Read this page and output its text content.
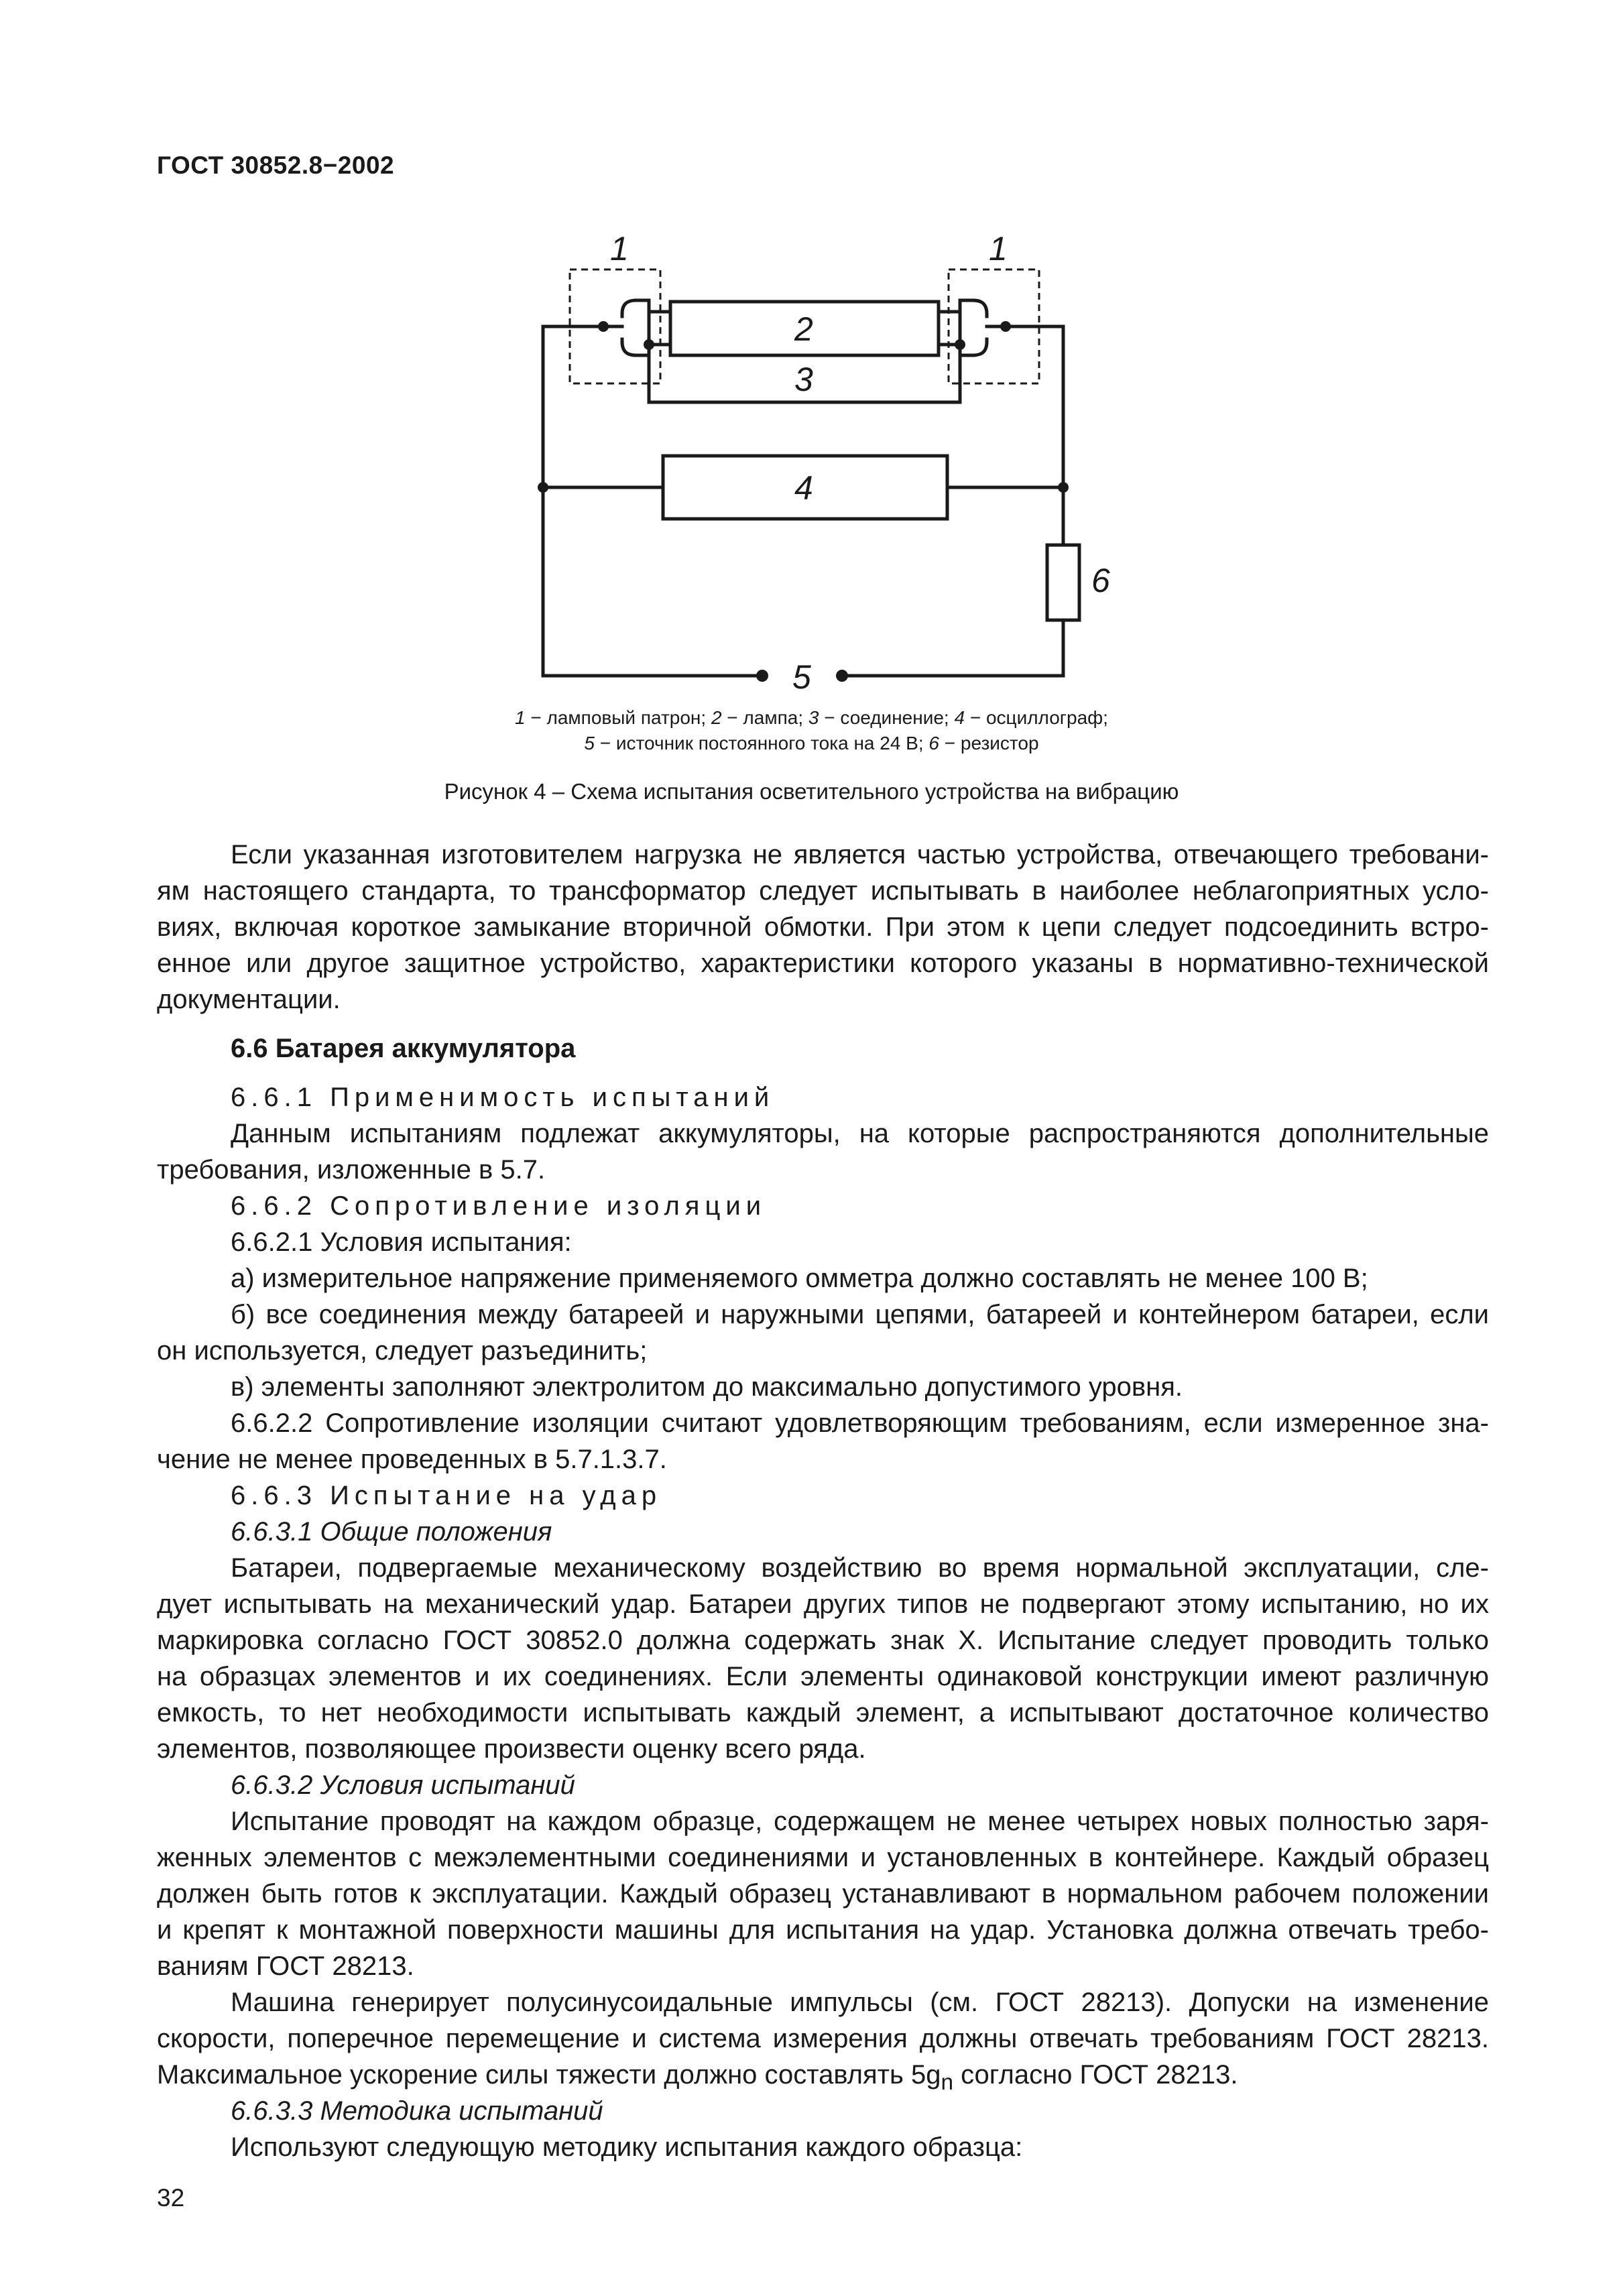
ГОСТ 30852.8−2002
1	1
2
3
4
5
6
1 − ламповый патрон; 2 − лампа; 3 − соединение; 4 − осциллограф;
5 − источник постоянного тока на 24 В; 6 − резистор
Рисунок 4 – Схема испытания осветительного устройства на вибрацию
Если указанная изготовителем нагрузка не является частью устройства, отвечающего требовани-
ям настоящего стандарта, то трансформатор следует испытывать в наиболее неблагоприятных усло-
виях, включая короткое замыкание вторичной обмотки. При этом к цепи следует подсоединить встро-
енное или другое защитное устройство, характеристики которого указаны в нормативно-технической
документации.
6.6 Батарея аккумулятора
6.6.1 Применимость испытаний
Данным испытаниям подлежат аккумуляторы, на которые распространяются дополнительные
требования, изложенные в 5.7.
6.6.2 Сопротивление изоляции
6.6.2.1 Условия испытания:
а) измерительное напряжение применяемого омметра должно составлять не менее 100 В;
б) все соединения между батареей и наружными цепями, батареей и контейнером батареи, если
он используется, следует разъединить;
в) элементы заполняют электролитом до максимально допустимого уровня.
6.6.2.2 Сопротивление изоляции считают удовлетворяющим требованиям, если измеренное зна-
чение не менее проведенных в 5.7.1.3.7.
6.6.3 Испытание на удар
6.6.3.1 Общие положения
Батареи, подвергаемые механическому воздействию во время нормальной эксплуатации, сле-
дует испытывать на механический удар. Батареи других типов не подвергают этому испытанию, но их
маркировка согласно ГОСТ 30852.0 должна содержать знак Х. Испытание следует проводить только
на образцах элементов и их соединениях. Если элементы одинаковой конструкции имеют различную
емкость, то нет необходимости испытывать каждый элемент, а испытывают достаточное количество
элементов, позволяющее произвести оценку всего ряда.
6.6.3.2 Условия испытаний
Испытание проводят на каждом образце, содержащем не менее четырех новых полностью заря-
женных элементов с межэлементными соединениями и установленных в контейнере. Каждый образец
должен быть готов к эксплуатации. Каждый образец устанавливают в нормальном рабочем положении
и крепят к монтажной поверхности машины для испытания на удар. Установка должна отвечать требо-
ваниям ГОСТ 28213.
Машина генерирует полусинусоидальные импульсы (см. ГОСТ 28213). Допуски на изменение
скорости, поперечное перемещение и система измерения должны отвечать требованиям ГОСТ 28213.
Максимальное ускорение силы тяжести должно составлять $5g_n$ согласно ГОСТ 28213.
6.6.3.3 Методика испытаний
Используют следующую методику испытания каждого образца:
32
